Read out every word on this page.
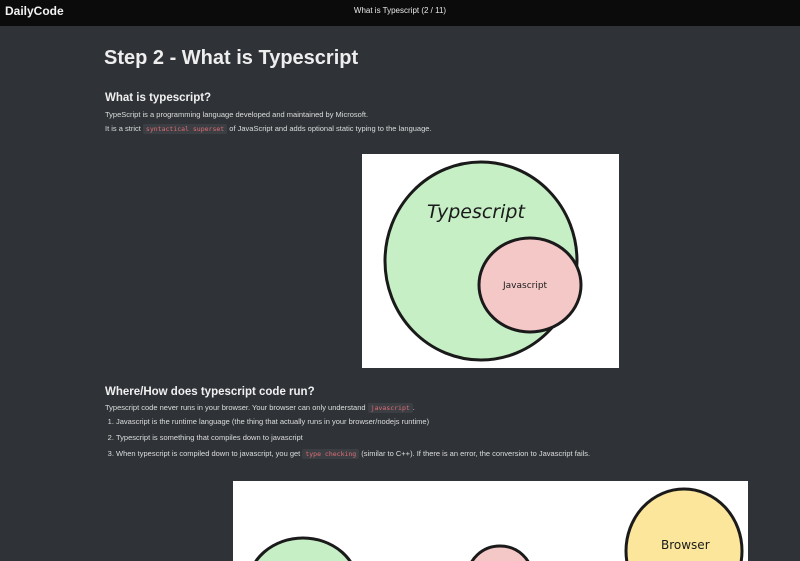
DailyCode	What is Typescript (2 / 11)
Step 2 - What is Typescript
What is typescript?
TypeScript is a programming language developed and maintained by Microsoft.
It is a strict syntactical superset of JavaScript and adds optional static typing to the language.
Typescript
Javascript
Where/How does typescript code run?
Typescript code never runs in your browser. Your browser can only understand javascript .
1. Javascript is the runtime language (the thing that actually runs in your browser/nodejs runtime)
2. Typescript is something that compiles down to javascript
3. When typescript is compiled down to javascript, you get type checking (similar to C++). If there is an error, the conversion to Javascript fails.
Browser
